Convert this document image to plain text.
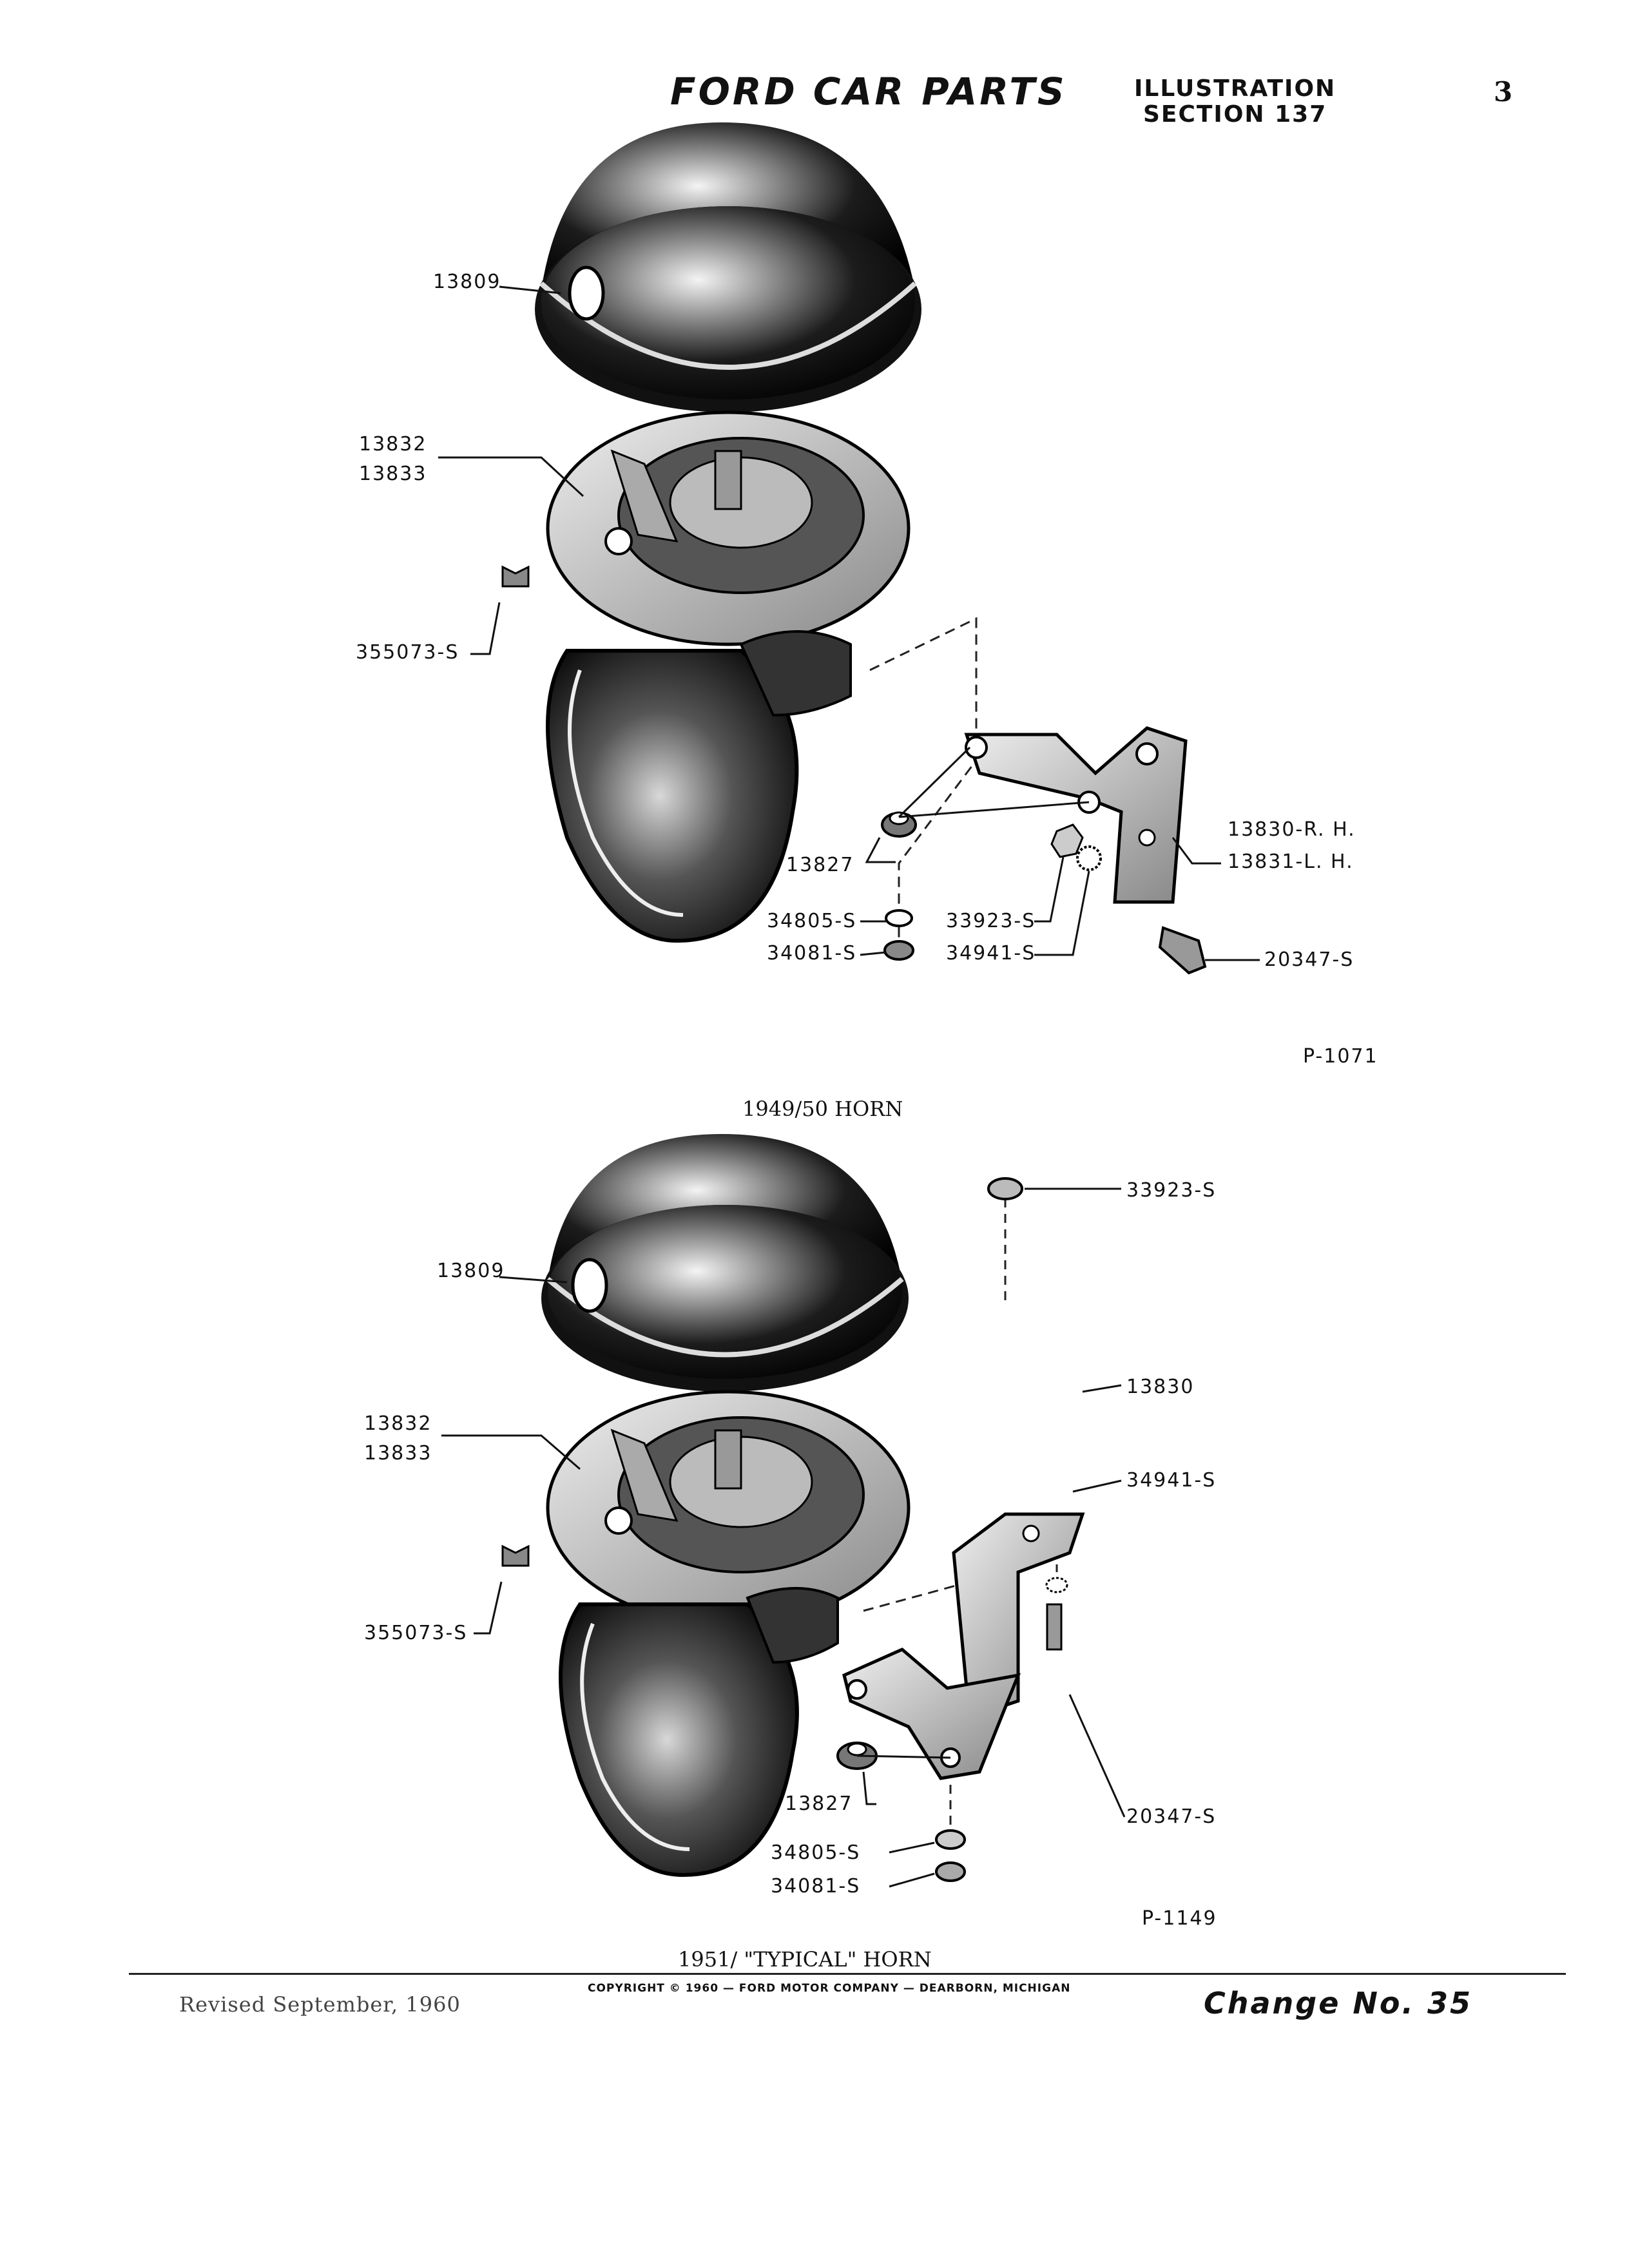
FORD CAR PARTS	ILLUSTRATION
SECTION 137
3
13809
13832
13833
355073-S
13830-R. H.
13831-L. H.
13827
34805-S
34081-S
33923-S
34941-S	20347-S
P-1071
1949/50 HORN
13809
13832
13833
355073-S
33923-S
13830
34941-S
13827
34805-S
34081-S
20347-S
P-1149
1951/ "TYPICAL" HORN
Revised September, 1960
COPYRIGHT © 1960 — FORD MOTOR COMPANY — DEARBORN, MICHIGAN	Change No. 35
